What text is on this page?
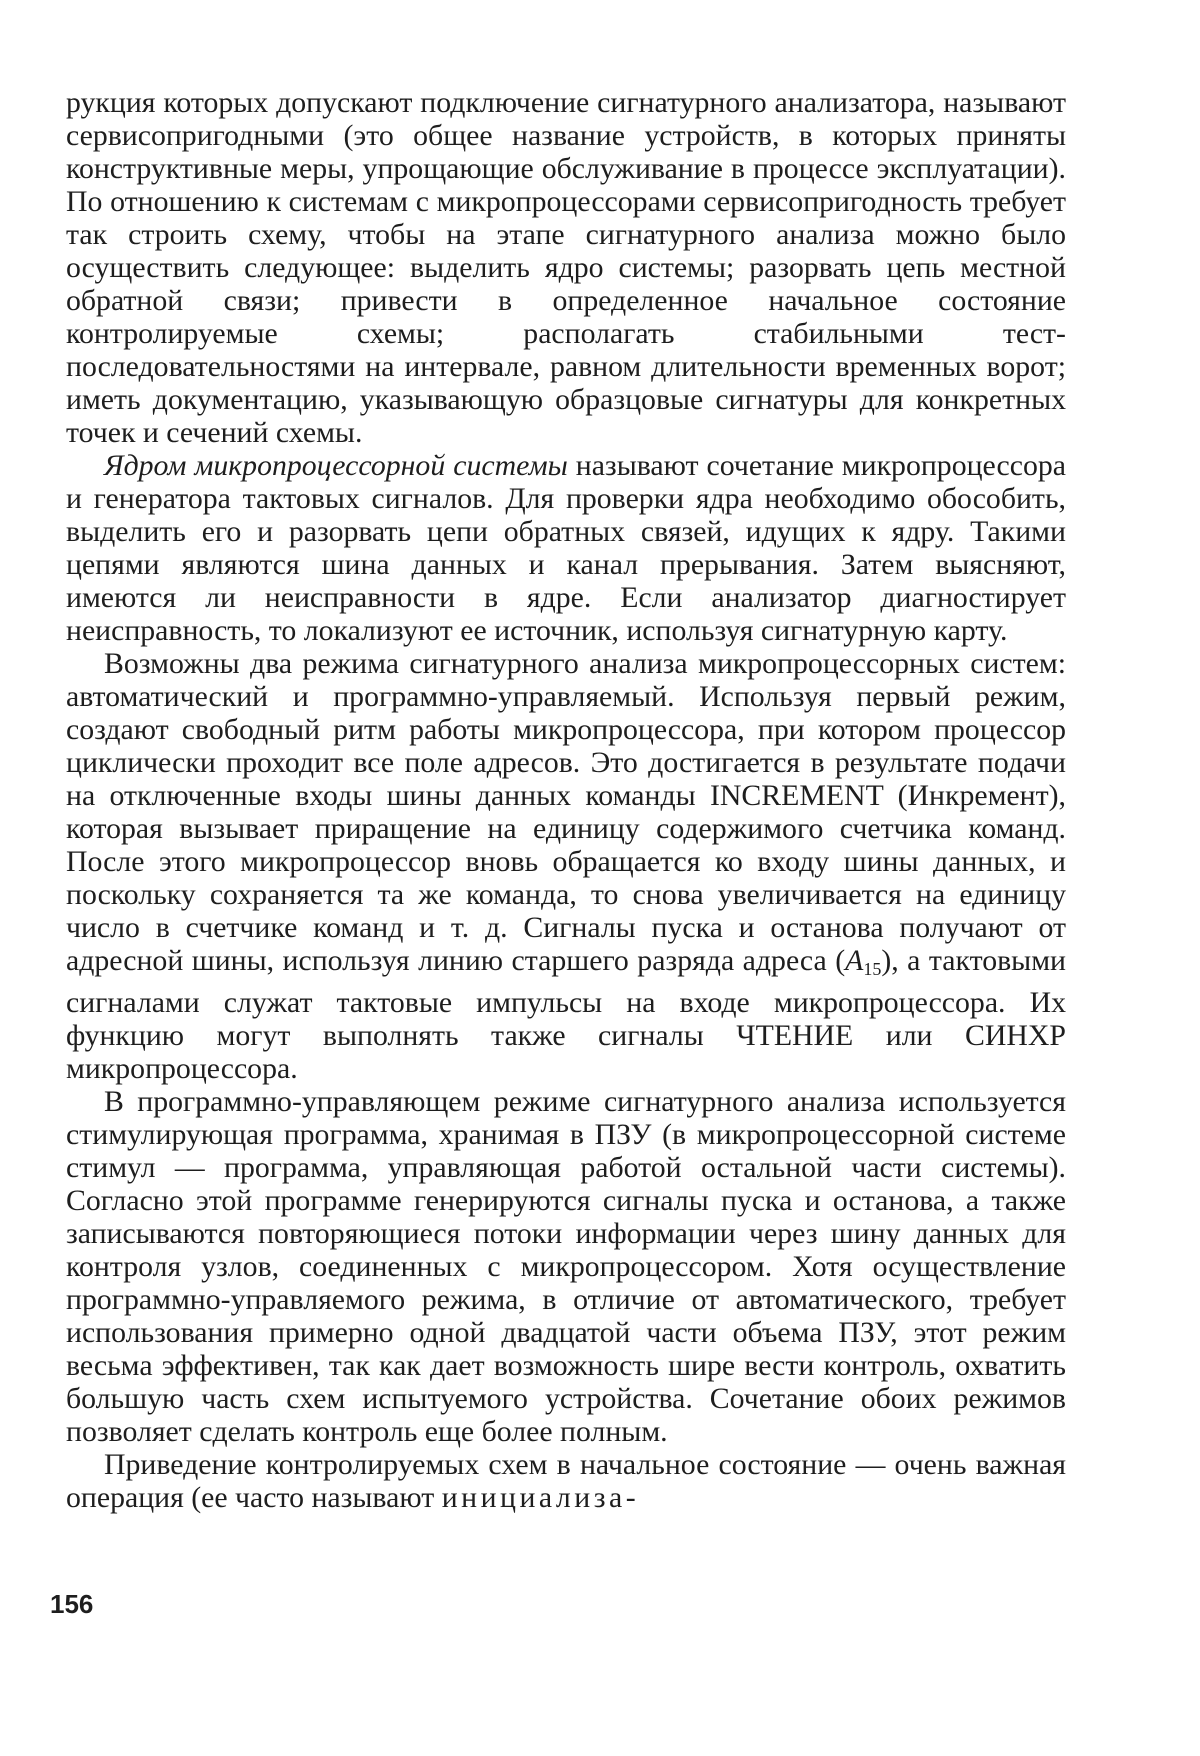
рукция которых допускают подключение сигнатурного анализатора, называют сервисопригодными (это общее название устройств, в которых приняты конструктивные меры, упрощающие обслуживание в процессе эксплуатации). По отношению к системам с микропроцессорами сервисопригодность требует так строить схему, чтобы на этапе сигнатурного анализа можно было осуществить следующее: выделить ядро системы; разорвать цепь местной обратной связи; привести в определенное начальное состояние контролируемые схемы; располагать стабильными тест-последовательностями на интервале, равном длительности временных ворот; иметь документацию, указывающую образцовые сигнатуры для конкретных точек и сечений схемы.

Ядром микропроцессорной системы называют сочетание микропроцессора и генератора тактовых сигналов. Для проверки ядра необходимо обособить, выделить его и разорвать цепи обратных связей, идущих к ядру. Такими цепями являются шина данных и канал прерывания. Затем выясняют, имеются ли неисправности в ядре. Если анализатор диагностирует неисправность, то локализуют ее источник, используя сигнатурную карту.

Возможны два режима сигнатурного анализа микропроцессорных систем: автоматический и программно-управляемый. Используя первый режим, создают свободный ритм работы микропроцессора, при котором процессор циклически проходит все поле адресов. Это достигается в результате подачи на отключенные входы шины данных команды INCREMENT (Инкремент), которая вызывает приращение на единицу содержимого счетчика команд. После этого микропроцессор вновь обращается ко входу шины данных, и поскольку сохраняется та же команда, то снова увеличивается на единицу число в счетчике команд и т. д. Сигналы пуска и останова получают от адресной шины, используя линию старшего разряда адреса $(A_{15})$, а тактовыми сигналами служат тактовые импульсы на входе микропроцессора. Их функцию могут выполнять также сигналы ЧТЕНИЕ или СИНХР микропроцессора.

В программно-управляющем режиме сигнатурного анализа используется стимулирующая программа, хранимая в ПЗУ (в микропроцессорной системе стимул — программа, управляющая работой остальной части системы). Согласно этой программе генерируются сигналы пуска и останова, а также записываются повторяющиеся потоки информации через шину данных для контроля узлов, соединенных с микропроцессором. Хотя осуществление программно-управляемого режима, в отличие от автоматического, требует использования примерно одной двадцатой части объема ПЗУ, этот режим весьма эффективен, так как дает возможность шире вести контроль, охватить большую часть схем испытуемого устройства. Сочетание обоих режимов позволяет сделать контроль еще более полным.

Приведение контролируемых схем в начальное состояние — очень важная операция (ее часто называют инициализа-

156
